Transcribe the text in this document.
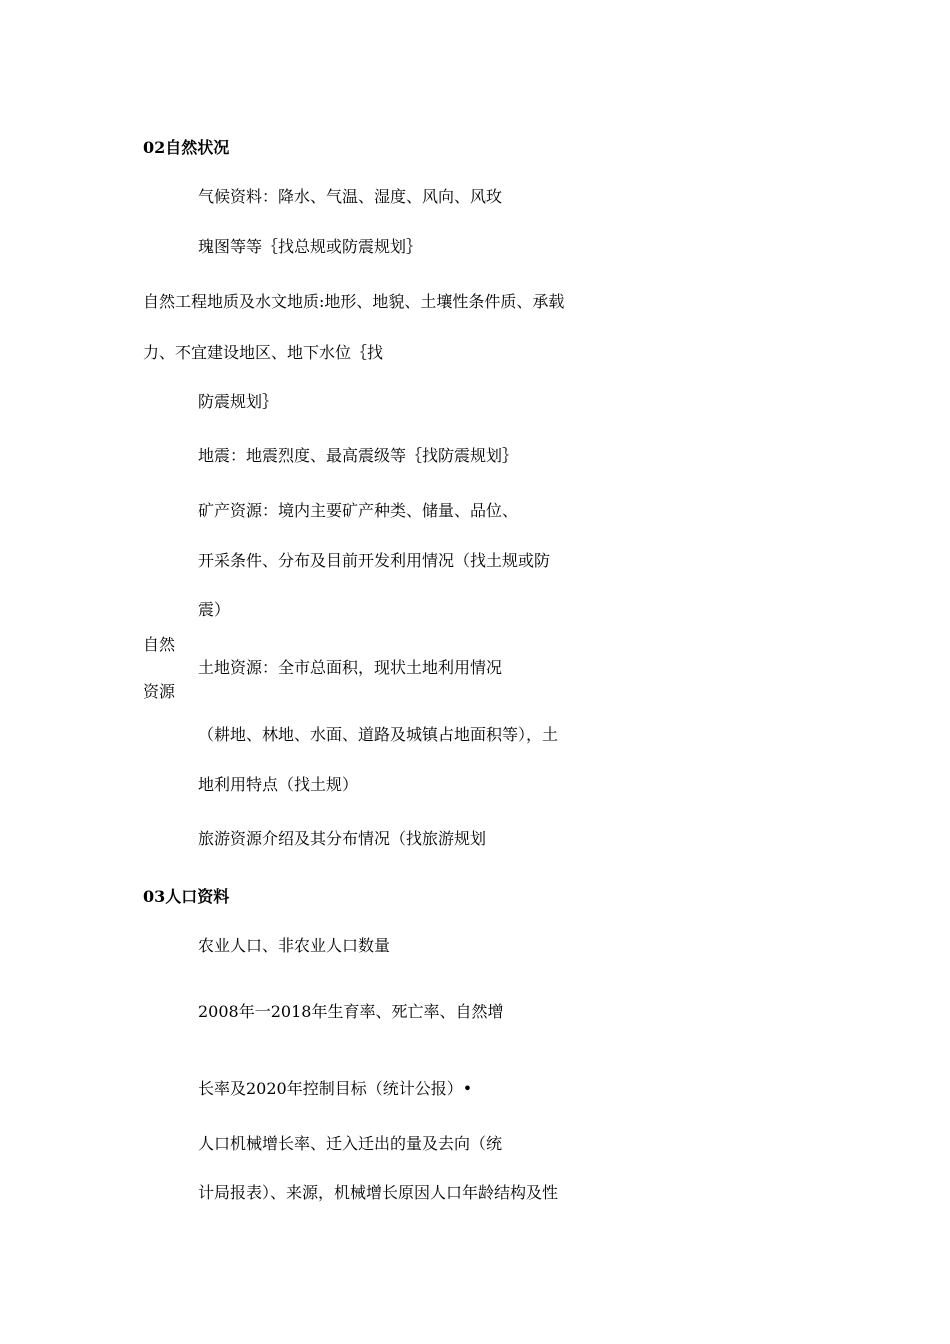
02自然状况
气候资料：降水、气温、湿度、风向、风玫
瑰图等等｛找总规或防震规划｝
自然工程地质及水文地质:地形、地貌、土壤性条件质、承载
力、不宜建设地区、地下水位｛找
防震规划｝
地震：地震烈度、最高震级等｛找防震规划｝
矿产资源：境内主要矿产种类、储量、品位、
开采条件、分布及目前开发利用情况（找土规或防
震）
自然
资源
土地资源：全市总面积，现状土地利用情况
（耕地、林地、水面、道路及城镇占地面积等），土
地利用特点（找土规）
旅游资源介绍及其分布情况（找旅游规划
03人口资料
农业人口、非农业人口数量
2008年一2018年生育率、死亡率、自然增
长率及2020年控制目标（统计公报）•
人口机械增长率、迁入迁出的量及去向（统
计局报表）、来源，机械增长原因人口年龄结构及性
